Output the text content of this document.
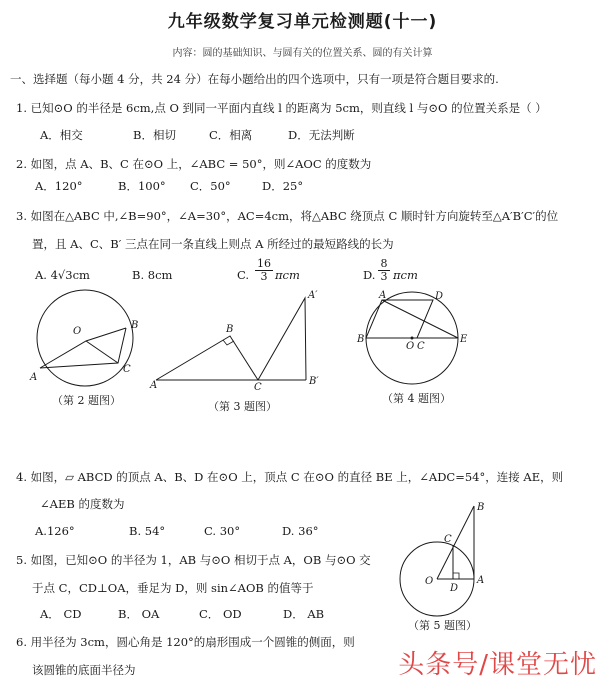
九年级数学复习单元检测题(十一)
内容：圆的基础知识、与圆有关的位置关系、圆的有关计算
一、选择题（每小题 4 分，共 24 分）在每小题给出的四个选项中，只有一项是符合题目要求的.
1. 已知⊙O 的半径是 6cm,点 O 到同一平面内直线 l 的距离为 5cm，则直线 l 与⊙O 的位置关系是（ ）
A．相交	B．相切	C．相离	D．无法判断
2. 如图，点 A、B、C 在⊙O 上，∠ABC = 50°，则∠AOC 的度数为
A．120°	B．100° C．50°	D．25°
3. 如图在△ABC 中,∠B=90°，∠A=30°，AC=4cm，将△ABC 绕顶点 C 顺时针方向旋转至△A′B′C′的位
置，且 A、C、B′ 三点在同一条直线上则点 A 所经过的最短路线的长为
A. 4√3cm	B. 8cm	C.	D.
$\frac{16}{3}$ πcm	$\frac{8}{3}$ πcm
O
A
B
C
（第 2 题图）
A
B
C
A′
B′
（第 3 题图）
A
B
C
D
E
O
（第 4 题图）
4. 如图，▱ ABCD 的顶点 A、B、D 在⊙O 上，顶点 C 在⊙O 的直径 BE 上，∠ADC=54°，连接 AE，则
∠AEB 的度数为
A.126°	B. 54°	C. 30°	D. 36°
5. 如图，已知⊙O 的半径为 1，AB 与⊙O 相切于点 A，OB 与⊙O 交
于点 C，CD⊥OA，垂足为 D，则 sin∠AOB 的值等于
A． CD	B． OA	C． OD	D． AB
O	A
B
C
D
（第 5 题图）
6. 用半径为 3cm，圆心角是 120°的扇形围成一个圆锥的侧面，则
该圆锥的底面半径为	头条号/课堂无忧
